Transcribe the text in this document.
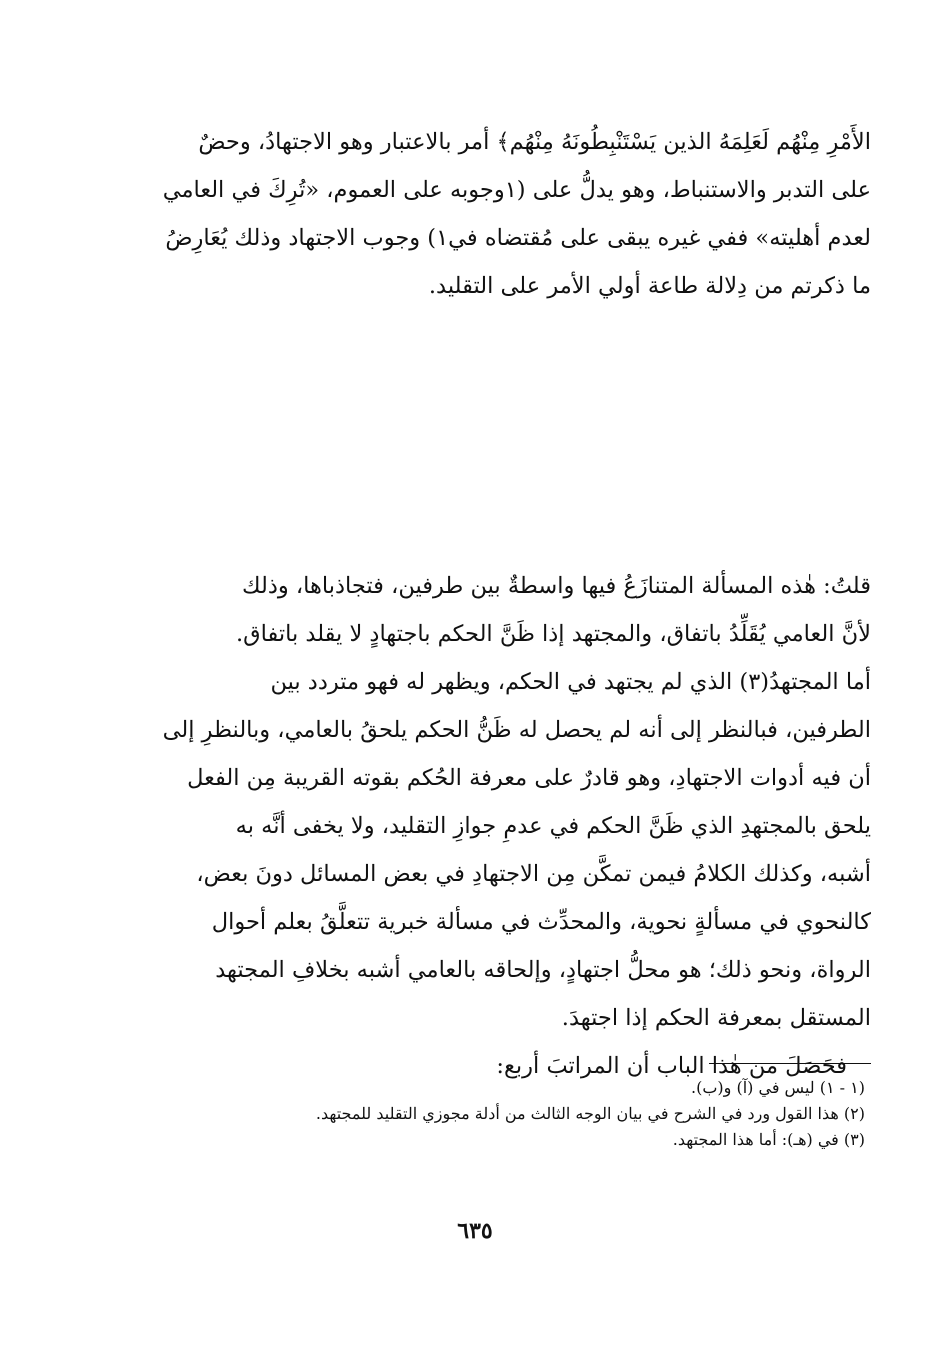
الأَمْرِ مِنْهُم لَعَلِمَهُ الذين يَسْتَنْبِطُونَهُ مِنْهُم﴾ أمر بالاعتبار وهو الاجتهادُ، وحضٌ
على التدبر والاستنباط، وهو يدلُّ على (١وجوبه على العموم، «تُرِكَ في العامي
لعدم أهليته» ففي غيره يبقى على مُقتضاه في١) وجوب الاجتهاد وذلك يُعَارِضُ
ما ذكرتم من دِلالة طاعة أولي الأمر على التقليد.
قلتُ: هٰذه المسألة المتنازَعُ فيها واسطةٌ بين طرفين، فتجاذباها، وذلك
لأنَّ العامي يُقَلِّدُ باتفاق، والمجتهد إذا ظَنَّ الحكم باجتهادٍ لا يقلد باتفاق.
أما المجتهدُ(٣) الذي لم يجتهد في الحكم، ويظهر له فهو متردد بين
الطرفين، فبالنظر إلى أنه لم يحصل له ظَنُّ الحكم يلحقُ بالعامي، وبالنظرِ إلى
أن فيه أدوات الاجتهادِ، وهو قادرٌ على معرفة الحُكم بقوته القريبة مِن الفعل
يلحق بالمجتهدِ الذي ظَنَّ الحكم في عدمِ جوازِ التقليد، ولا يخفى أنَّه به
أشبه، وكذلك الكلامُ فيمن تمكَّن مِن الاجتهادِ في بعض المسائل دونَ بعض،
كالنحوي في مسألةٍ نحوية، والمحدِّث في مسألة خبرية تتعلَّقُ بعلم أحوال
الرواة، ونحو ذلك؛ هو محلُّ اجتهادٍ، وإلحاقه بالعامي أشبه بخلافِ المجتهد
المستقل بمعرفة الحكم إذا اجتهدَ.
فحَصَلَ من هٰذا الباب أن المراتبَ أربع:
(١ - ١) ليس في (آ) و(ب).
(٢) هذا القول ورد في الشرح في بيان الوجه الثالث من أدلة مجوزي التقليد للمجتهد.
(٣) في (هـ): أما هذا المجتهد.
٦٣٥
